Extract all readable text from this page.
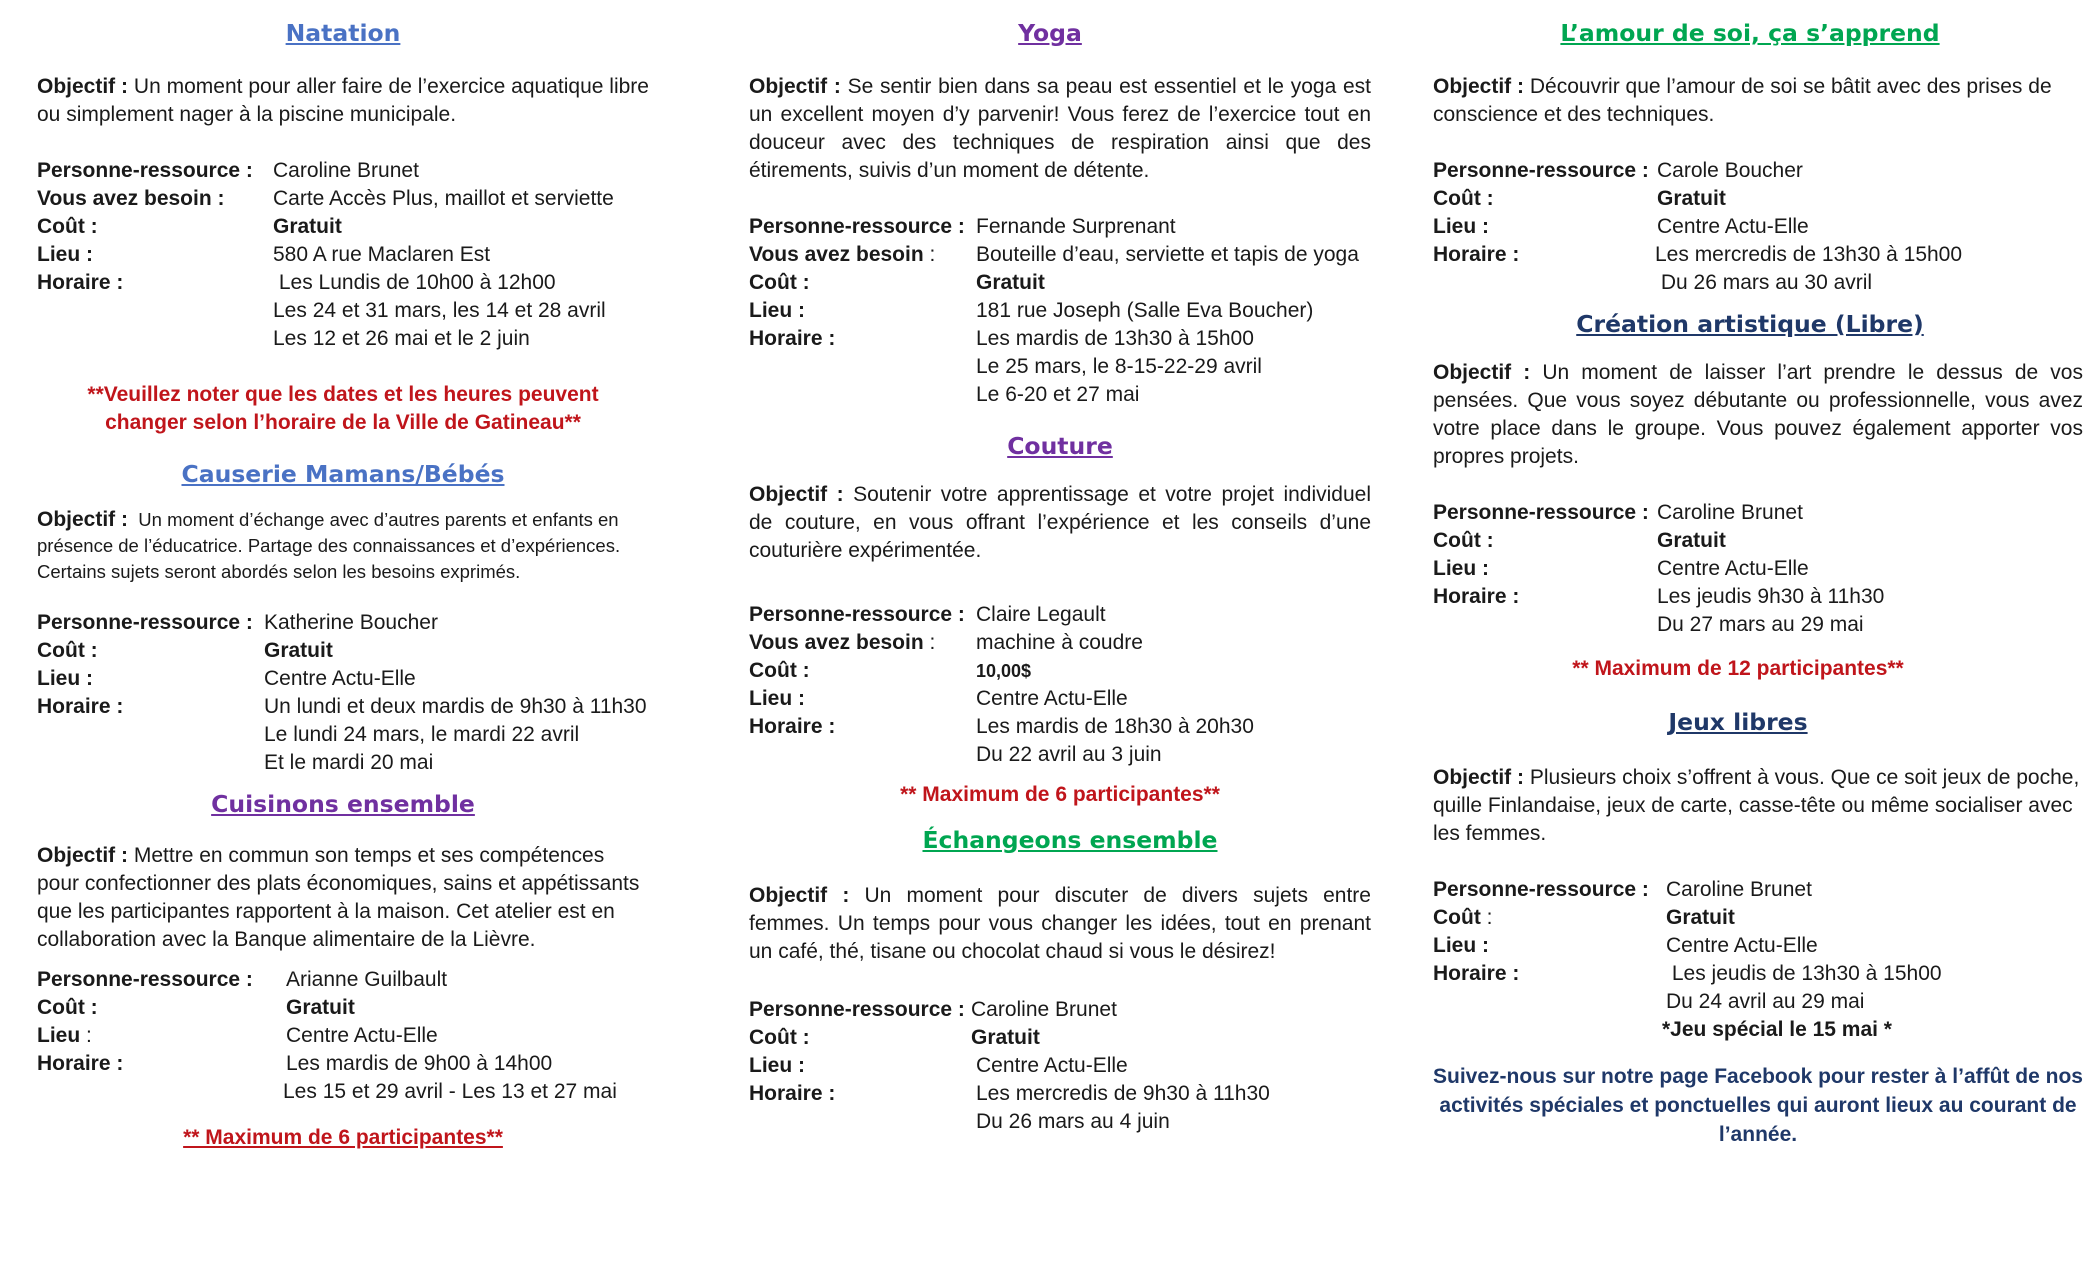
Natation

Objectif : Un moment pour aller faire de l’exercice aquatique libre ou simplement nager à la piscine municipale.

Personne-ressource : Caroline Brunet
Vous avez besoin :	Carte Accès Plus, maillot et serviette
Coût :	Gratuit
Lieu :	580 A rue Maclaren Est
Horaire :	Les Lundis de 10h00 à 12h00
Les 24 et 31 mars, les 14 et 28 avril
Les 12 et 26 mai et le 2 juin

**Veuillez noter que les dates et les heures peuvent changer selon l’horaire de la Ville de Gatineau**

Causerie Mamans/Bébés

Objectif : Un moment d’échange avec d’autres parents et enfants en présence de l’éducatrice. Partage des connaissances et d’expériences. Certains sujets seront abordés selon les besoins exprimés.

Personne-ressource : Katherine Boucher
Coût :	Gratuit
Lieu :	Centre Actu-Elle
Horaire :	Un lundi et deux mardis de 9h30 à 11h30
Le lundi 24 mars, le mardi 22 avril
Et le mardi 20 mai
Cuisinons ensemble

Objectif : Mettre en commun son temps et ses compétences pour confectionner des plats économiques, sains et appétissants que les participantes rapportent à la maison. Cet atelier est en collaboration avec la Banque alimentaire de la Lièvre.

Personne-ressource :	Arianne Guilbault
Coût :	Gratuit
Lieu :	Centre Actu-Elle
Horaire :	Les mardis de 9h00 à 14h00
Les 15 et 29 avril - Les 13 et 27 mai

** Maximum de 6 participantes**

Yoga

Objectif : Se sentir bien dans sa peau est essentiel et le yoga est un excellent moyen d’y parvenir! Vous ferez de l’exercice tout en douceur avec des techniques de respiration ainsi que des étirements, suivis d’un moment de détente.

Personne-ressource : Fernande Surprenant
Vous avez besoin :	Bouteille d’eau, serviette et tapis de yoga
Coût :	Gratuit
Lieu :	181 rue Joseph (Salle Eva Boucher)
Horaire :	Les mardis de 13h30 à 15h00
Le 25 mars, le 8-15-22-29 avril
Le 6-20 et 27 mai
Couture

Objectif : Soutenir votre apprentissage et votre projet individuel de couture, en vous offrant l’expérience et les conseils d’une couturière expérimentée.

Personne-ressource : Claire Legault
Vous avez besoin :	machine à coudre
Coût :	10,00$
Lieu :	Centre Actu-Elle
Horaire :	Les mardis de 18h30 à 20h30
Du 22 avril au 3 juin

** Maximum de 6 participantes**

Échangeons ensemble

Objectif : Un moment pour discuter de divers sujets entre femmes. Un temps pour vous changer les idées, tout en prenant un café, thé, tisane ou chocolat chaud si vous le désirez!

Personne-ressource : Caroline Brunet
Coût :	Gratuit
Lieu :	Centre Actu-Elle
Horaire :	Les mercredis de 9h30 à 11h30
Du 26 mars au 4 juin
L’amour de soi, ça s’apprend

Objectif : Découvrir que l’amour de soi se bâtit avec des prises de conscience et des techniques.

Personne-ressource : Carole Boucher
Coût :	Gratuit
Lieu :	Centre Actu-Elle
Horaire :	Les mercredis de 13h30 à 15h00
Du 26 mars au 30 avril
Création artistique (Libre)

Objectif : Un moment de laisser l’art prendre le dessus de vos pensées. Que vous soyez débutante ou professionnelle, vous avez votre place dans le groupe. Vous pouvez également apporter vos propres projets.

Personne-ressource : Caroline Brunet
Coût :	Gratuit
Lieu :	Centre Actu-Elle
Horaire :	Les jeudis 9h30 à 11h30
Du 27 mars au 29 mai

** Maximum de 12 participantes**

Jeux libres

Objectif : Plusieurs choix s’offrent à vous. Que ce soit jeux de poche, quille Finlandaise, jeux de carte, casse-tête ou même socialiser avec les femmes.

Personne-ressource : Caroline Brunet
Coût :	Gratuit
Lieu :	Centre Actu-Elle
Horaire :	Les jeudis de 13h30 à 15h00
Du 24 avril au 29 mai
*Jeu spécial le 15 mai *

Suivez-nous sur notre page Facebook pour rester à l’affût de nos activités spéciales et ponctuelles qui auront lieux au courant de l’année.
